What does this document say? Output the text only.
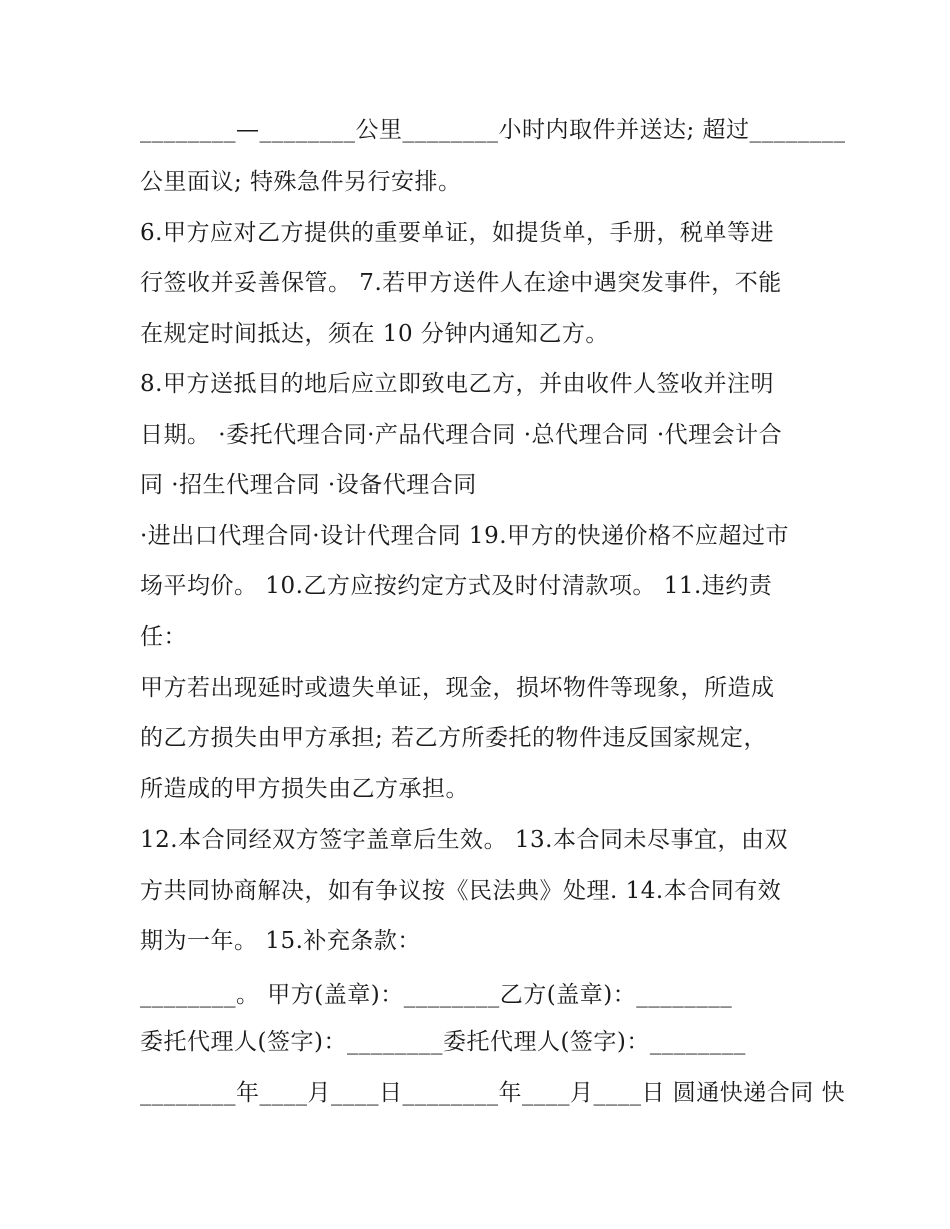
________—________公里________小时内取件并送达; 超过________
公里面议; 特殊急件另行安排。
6.甲方应对乙方提供的重要单证，如提货单，手册，税单等进
行签收并妥善保管。 7.若甲方送件人在途中遇突发事件，不能
在规定时间抵达，须在 10 分钟内通知乙方。
8.甲方送抵目的地后应立即致电乙方，并由收件人签收并注明
日期。 ·委托代理合同·产品代理合同 ·总代理合同 ·代理会计合
同 ·招生代理合同 ·设备代理合同
·进出口代理合同·设计代理合同 19.甲方的快递价格不应超过市
场平均价。 10.乙方应按约定方式及时付清款项。 11.违约责
任：
甲方若出现延时或遗失单证，现金，损坏物件等现象，所造成
的乙方损失由甲方承担; 若乙方所委托的物件违反国家规定，
所造成的甲方损失由乙方承担。
12.本合同经双方签字盖章后生效。 13.本合同未尽事宜，由双
方共同协商解决，如有争议按《民法典》处理. 14.本合同有效
期为一年。 15.补充条款：
________。 甲方(盖章)：________乙方(盖章)：________
委托代理人(签字)：________委托代理人(签字)：________
________年____月____日________年____月____日 圆通快递合同 快
